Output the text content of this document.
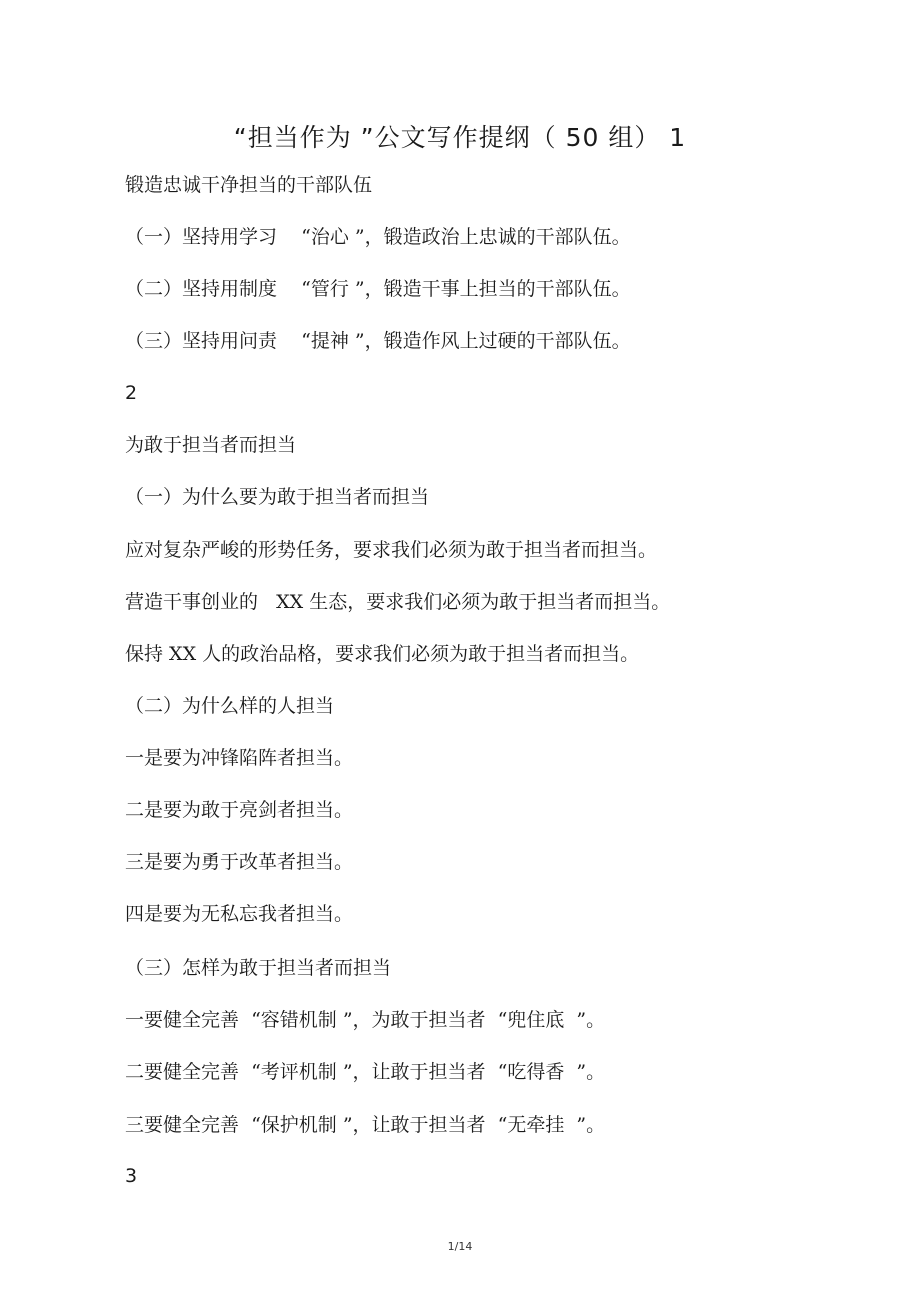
“担当作为 ”公文写作提纲（ 50 组） 1

锻造忠诚干净担当的干部队伍

（一）坚持用学习    “治心 ”，锻造政治上忠诚的干部队伍。

（二）坚持用制度    “管行 ”，锻造干事上担当的干部队伍。

（三）坚持用问责    “提神 ”，锻造作风上过硬的干部队伍。

2

为敢于担当者而担当

（一）为什么要为敢于担当者而担当

应对复杂严峻的形势任务，要求我们必须为敢于担当者而担当。

营造干事创业的   XX 生态，要求我们必须为敢于担当者而担当。

保持 XX 人的政治品格，要求我们必须为敢于担当者而担当。

（二）为什么样的人担当

一是要为冲锋陷阵者担当。

二是要为敢于亮剑者担当。

三是要为勇于改革者担当。

四是要为无私忘我者担当。

（三）怎样为敢于担当者而担当

一要健全完善  “容错机制 ”，为敢于担当者  “兜住底  ”。

二要健全完善  “考评机制 ”，让敢于担当者  “吃得香  ”。

三要健全完善  “保护机制 ”，让敢于担当者  “无牵挂  ”。

3

1/14
